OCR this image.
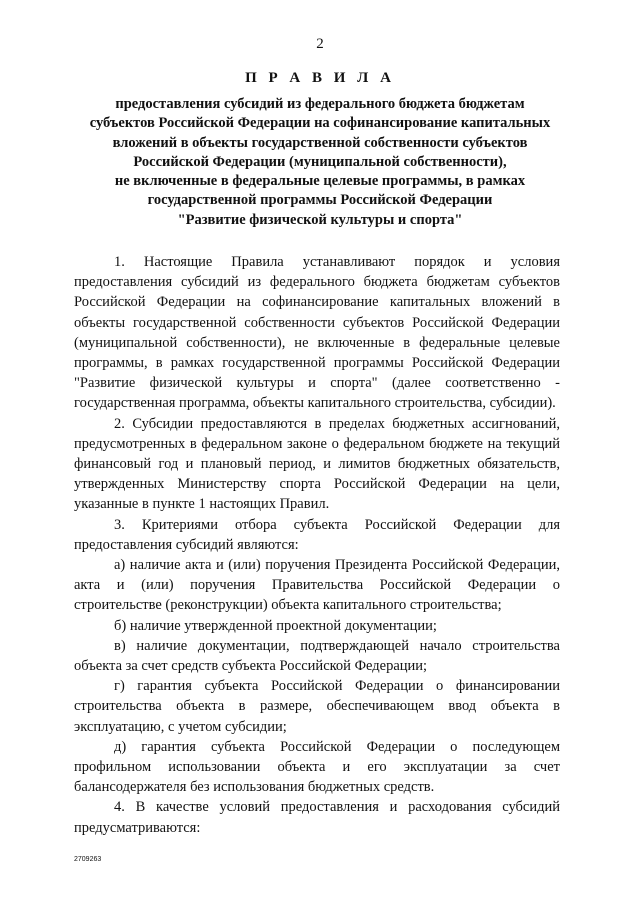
2
П Р А В И Л А
предоставления субсидий из федерального бюджета бюджетам
субъектов Российской Федерации на софинансирование капитальных
вложений в объекты государственной собственности субъектов
Российской Федерации (муниципальной собственности),
не включенные в федеральные целевые программы, в рамках
государственной программы Российской Федерации
"Развитие физической культуры и спорта"

1. Настоящие Правила устанавливают порядок и условия предоставления субсидий из федерального бюджета бюджетам субъектов Российской Федерации на софинансирование капитальных вложений в объекты государственной собственности субъектов Российской Федерации (муниципальной собственности), не включенные в федеральные целевые программы, в рамках государственной программы Российской Федерации "Развитие физической культуры и спорта" (далее соответственно - государственная программа, объекты капитального строительства, субсидии).

2. Субсидии предоставляются в пределах бюджетных ассигнований, предусмотренных в федеральном законе о федеральном бюджете на текущий финансовый год и плановый период, и лимитов бюджетных обязательств, утвержденных Министерству спорта Российской Федерации на цели, указанные в пункте 1 настоящих Правил.

3. Критериями отбора субъекта Российской Федерации для предоставления субсидий являются:

а) наличие акта и (или) поручения Президента Российской Федерации, акта и (или) поручения Правительства Российской Федерации о строительстве (реконструкции) объекта капитального строительства;

б) наличие утвержденной проектной документации;

в) наличие документации, подтверждающей начало строительства объекта за счет средств субъекта Российской Федерации;

г) гарантия субъекта Российской Федерации о финансировании строительства объекта в размере, обеспечивающем ввод объекта в эксплуатацию, с учетом субсидии;

д) гарантия субъекта Российской Федерации о последующем профильном использовании объекта и его эксплуатации за счет балансодержателя без использования бюджетных средств.

4. В качестве условий предоставления и расходования субсидий предусматриваются:

2709263
